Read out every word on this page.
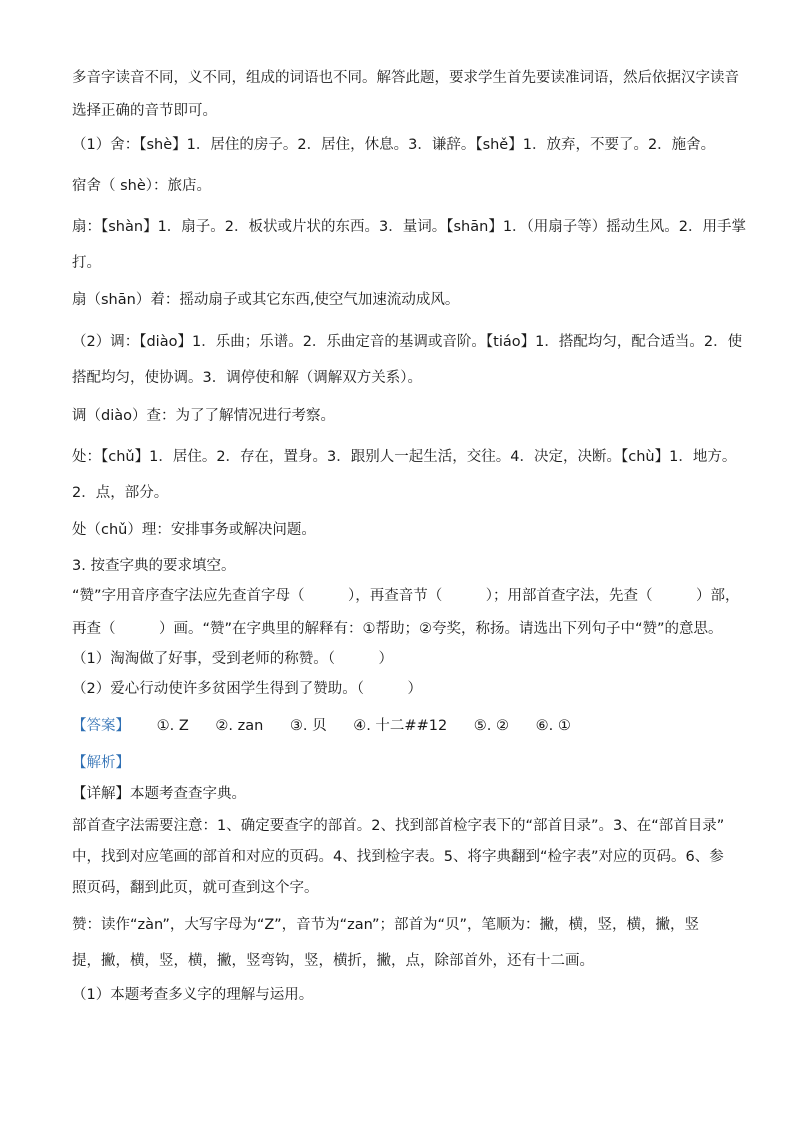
多音字读音不同，义不同，组成的词语也不同。解答此题，要求学生首先要读准词语，然后依据汉字读音
选择正确的音节即可。
（1）舍：【shè】1．居住的房子。2．居住，休息。3．谦辞。【shě】1．放弃，不要了。2．施舍。
宿舍（ shè）：旅店。
扇：【shàn】1．扇子。2．板状或片状的东西。3．量词。【shān】1．（用扇子等）摇动生风。2．用手掌
打。
扇（shān）着：摇动扇子或其它东西,使空气加速流动成风。
（2）调：【diào】1．乐曲；乐谱。2．乐曲定音的基调或音阶。【tiáo】1．搭配均匀，配合适当。2．使
搭配均匀，使协调。3．调停使和解（调解双方关系）。
调（diào）查：为了了解情况进行考察。
处：【chǔ】1．居住。2．存在，置身。3．跟别人一起生活，交往。4．决定，决断。【chù】1．地方。
2．点，部分。
处（chǔ）理：安排事务或解决问题。
3. 按查字典的要求填空。
“赞”字用音序查字法应先查首字母（　　　），再查音节（　　　）；用部首查字法，先查（　　　）部，
再查（　　　）画。“赞”在字典里的解释有：①帮助；②夸奖，称扬。请选出下列句子中“赞”的意思。
（1）淘淘做了好事，受到老师的称赞。（　　　）
（2）爱心行动使许多贫困学生得到了赞助。（　　　）
【答案】 ①. Z ②. zan ③. 贝 ④. 十二##12 ⑤. ② ⑥. ①
【解析】
【详解】本题考查查字典。
部首查字法需要注意：1、确定要查字的部首。2、找到部首检字表下的“部首目录”。3、在“部首目录”
中，找到对应笔画的部首和对应的页码。4、找到检字表。5、将字典翻到“检字表”对应的页码。6、参
照页码，翻到此页，就可查到这个字。
赞：读作“zàn”，大写字母为“Z”，音节为“zan”；部首为“贝”，笔顺为：撇，横，竖，横，撇，竖
提，撇，横，竖，横，撇，竖弯钩，竖，横折，撇，点，除部首外，还有十二画。
（1）本题考查多义字的理解与运用。
